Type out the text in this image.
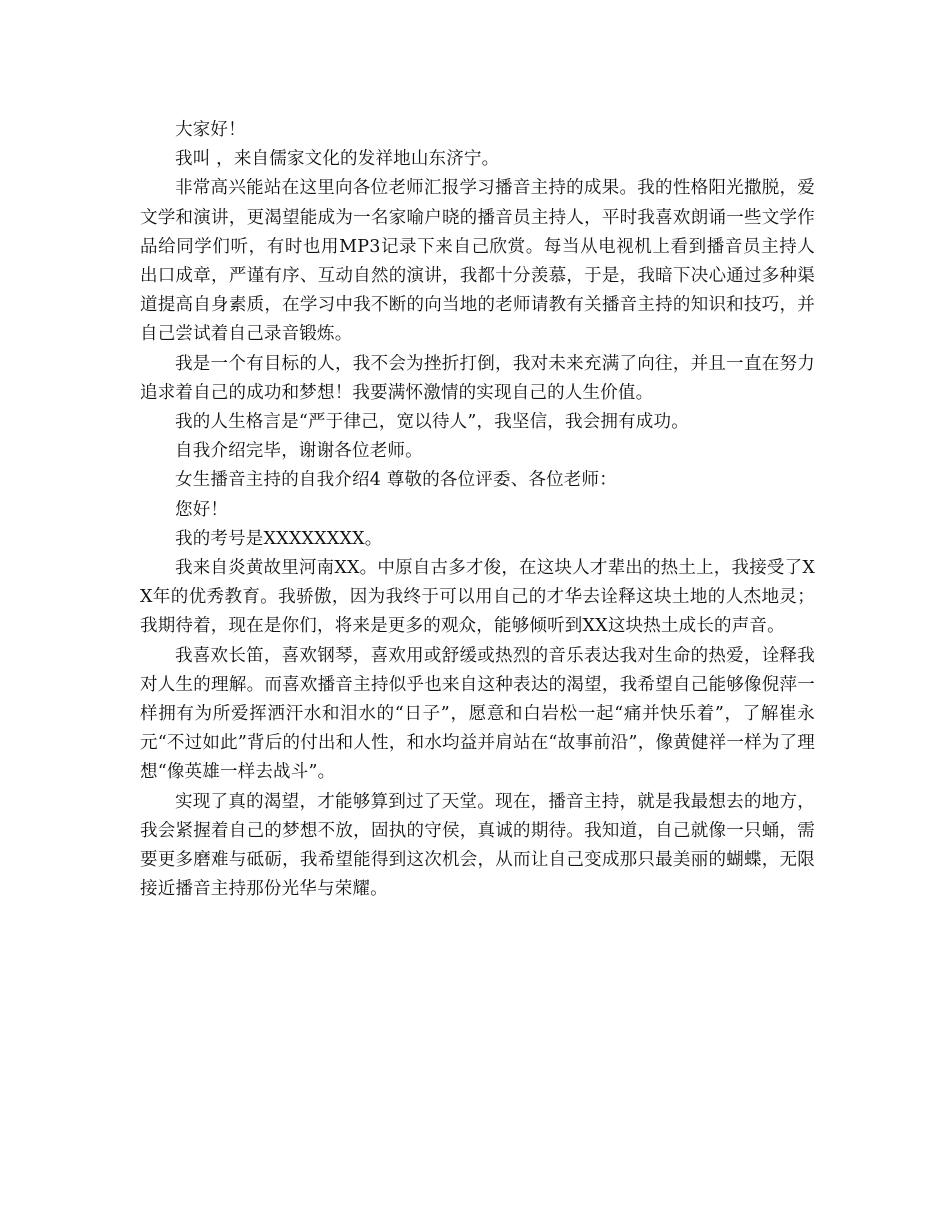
大家好！

我叫 ，来自儒家文化的发祥地山东济宁。

非常高兴能站在这里向各位老师汇报学习播音主持的成果。我的性格阳光撒脱，爱文学和演讲，更渴望能成为一名家喻户晓的播音员主持人，平时我喜欢朗诵一些文学作品给同学们听，有时也用MP3记录下来自己欣赏。每当从电视机上看到播音员主持人出口成章，严谨有序、互动自然的演讲，我都十分羡慕，于是，我暗下决心通过多种渠道提高自身素质，在学习中我不断的向当地的老师请教有关播音主持的知识和技巧，并自己尝试着自己录音锻炼。

我是一个有目标的人，我不会为挫折打倒，我对未来充满了向往，并且一直在努力追求着自己的成功和梦想！我要满怀激情的实现自己的人生价值。

我的人生格言是“严于律己，宽以待人”，我坚信，我会拥有成功。

自我介绍完毕，谢谢各位老师。

女生播音主持的自我介绍4 尊敬的各位评委、各位老师：

您好！

我的考号是XXXXXXXX。

我来自炎黄故里河南XX。中原自古多才俊，在这块人才辈出的热土上，我接受了XX年的优秀教育。我骄傲，因为我终于可以用自己的才华去诠释这块土地的人杰地灵；我期待着，现在是你们，将来是更多的观众，能够倾听到XX这块热土成长的声音。

我喜欢长笛，喜欢钢琴，喜欢用或舒缓或热烈的音乐表达我对生命的热爱，诠释我对人生的理解。而喜欢播音主持似乎也来自这种表达的渴望，我希望自己能够像倪萍一样拥有为所爱挥洒汗水和泪水的“日子”，愿意和白岩松一起“痛并快乐着”，了解崔永元“不过如此”背后的付出和人性，和水均益并肩站在“故事前沿”，像黄健祥一样为了理想“像英雄一样去战斗”。

实现了真的渴望，才能够算到过了天堂。现在，播音主持，就是我最想去的地方，我会紧握着自己的梦想不放，固执的守侯，真诚的期待。我知道，自己就像一只蛹，需要更多磨难与砥砺，我希望能得到这次机会，从而让自己变成那只最美丽的蝴蝶，无限接近播音主持那份光华与荣耀。
